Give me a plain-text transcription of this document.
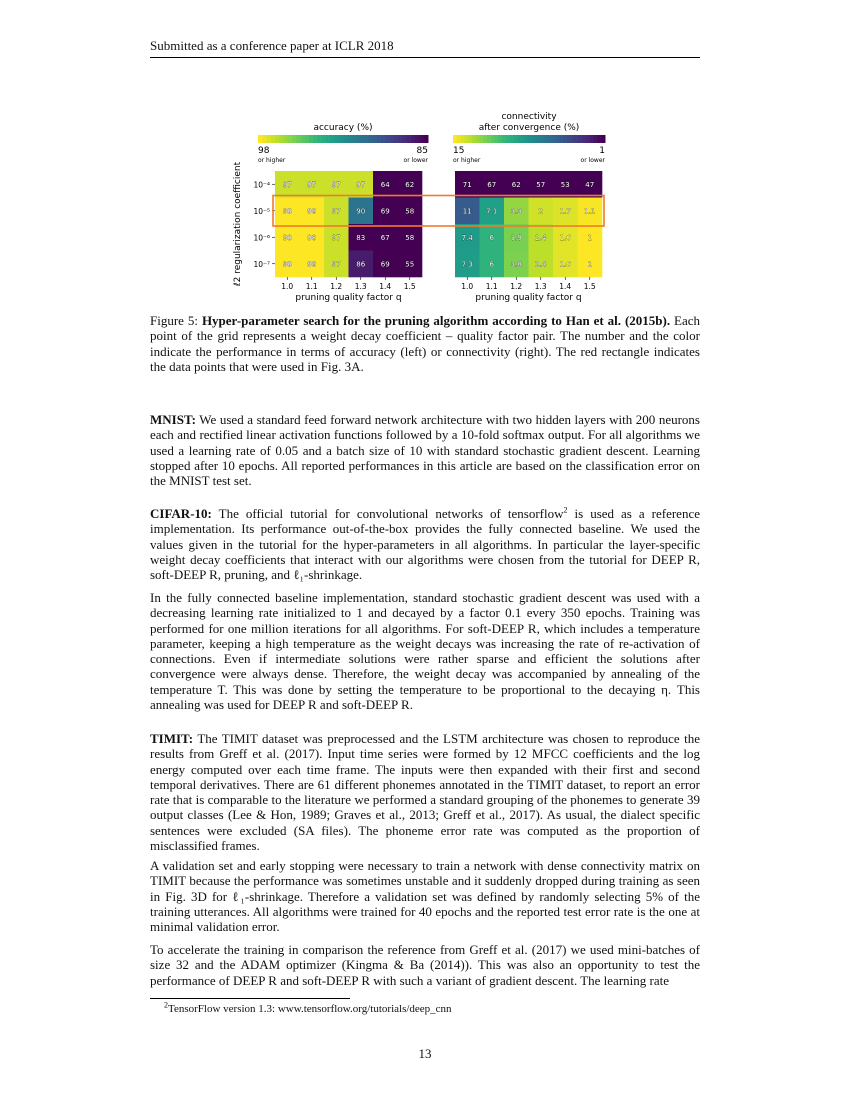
Submitted as a conference paper at ICLR 2018
accuracy (%)
98
or higher
85
or lower
97 97 97 97 64 62
98 98 97 90 69 58
98 98 97 83 67 58
98 98 97 86 69 55
1.0 1.1 1.2 1.3 1.4 1.5
pruning quality factor q
10⁻⁴
10⁻⁵
10⁻⁶
10⁻⁷
ℓ2 regularization coefficient
connectivity
after convergence (%)
15
or higher
1
or lower
71 67 62 57 53 47
11 7.1 3.3 2 1.7 1.1
7.4 6 3.9 2.4 1.6 1
7.3 6 3.8 2.4 1.6 1
1.0 1.1 1.2 1.3 1.4 1.5
pruning quality factor q

Figure 5: Hyper-parameter search for the pruning algorithm according to Han et al. (2015b). Each point of the grid represents a weight decay coefficient – quality factor pair. The number and the color indicate the performance in terms of accuracy (left) or connectivity (right). The red rectangle indicates the data points that were used in Fig. 3A.

MNIST: We used a standard feed forward network architecture with two hidden layers with 200 neurons each and rectified linear activation functions followed by a 10-fold softmax output. For all algorithms we used a learning rate of 0.05 and a batch size of 10 with standard stochastic gradient descent. Learning stopped after 10 epochs. All reported performances in this article are based on the classification error on the MNIST test set.

CIFAR-10: The official tutorial for convolutional networks of tensorflow$^2$ is used as a reference implementation. Its performance out-of-the-box provides the fully connected baseline. We used the values given in the tutorial for the hyper-parameters in all algorithms. In particular the layer-specific weight decay coefficients that interact with our algorithms were chosen from the tutorial for DEEP R, soft-DEEP R, pruning, and ℓ₁-shrinkage.

In the fully connected baseline implementation, standard stochastic gradient descent was used with a decreasing learning rate initialized to 1 and decayed by a factor 0.1 every 350 epochs. Training was performed for one million iterations for all algorithms. For soft-DEEP R, which includes a temperature parameter, keeping a high temperature as the weight decays was increasing the rate of re-activation of connections. Even if intermediate solutions were rather sparse and efficient the solutions after convergence were always dense. Therefore, the weight decay was accompanied by annealing of the temperature T. This was done by setting the temperature to be proportional to the decaying η. This annealing was used for DEEP R and soft-DEEP R.

TIMIT: The TIMIT dataset was preprocessed and the LSTM architecture was chosen to reproduce the results from Greff et al. (2017). Input time series were formed by 12 MFCC coefficients and the log energy computed over each time frame. The inputs were then expanded with their first and second temporal derivatives. There are 61 different phonemes annotated in the TIMIT dataset, to report an error rate that is comparable to the literature we performed a standard grouping of the phonemes to generate 39 output classes (Lee & Hon, 1989; Graves et al., 2013; Greff et al., 2017). As usual, the dialect specific sentences were excluded (SA files). The phoneme error rate was computed as the proportion of misclassified frames.

A validation set and early stopping were necessary to train a network with dense connectivity matrix on TIMIT because the performance was sometimes unstable and it suddenly dropped during training as seen in Fig. 3D for ℓ₁-shrinkage. Therefore a validation set was defined by randomly selecting 5% of the training utterances. All algorithms were trained for 40 epochs and the reported test error rate is the one at minimal validation error.

To accelerate the training in comparison the reference from Greff et al. (2017) we used mini-batches of size 32 and the ADAM optimizer (Kingma & Ba (2014)). This was also an opportunity to test the performance of DEEP R and soft-DEEP R with such a variant of gradient descent. The learning rate

$^2$TensorFlow version 1.3: www.tensorflow.org/tutorials/deep_cnn
13
